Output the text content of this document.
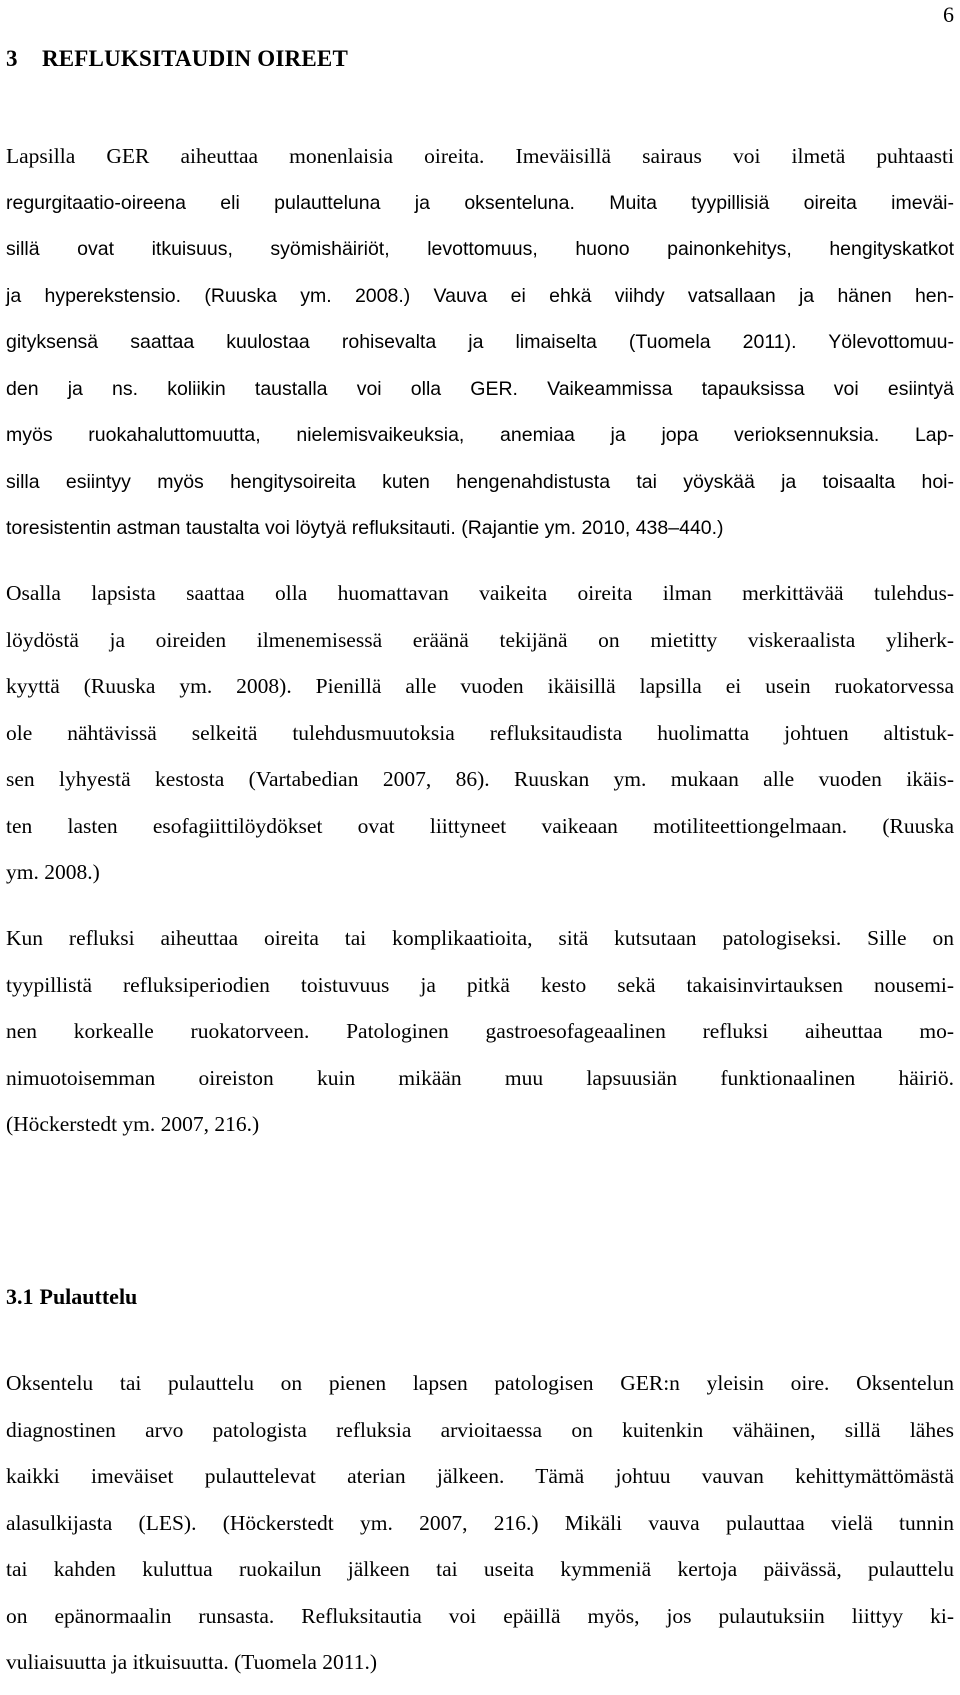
6
3 REFLUKSITAUDIN OIREET

Lapsilla GER aiheuttaa monenlaisia oireita. Imeväisillä sairaus voi ilmetä puhtaasti
regurgitaatio-oireena eli pulautteluna ja oksenteluna. Muita tyypillisiä oireita imeväi-
sillä ovat itkuisuus, syömishäiriöt, levottomuus, huono painonkehitys, hengityskatkot
ja hyperekstensio. (Ruuska ym. 2008.) Vauva ei ehkä viihdy vatsallaan ja hänen hen-
gityksensä saattaa kuulostaa rohisevalta ja limaiselta (Tuomela 2011). Yölevottomuu-
den ja ns. koliikin taustalla voi olla GER. Vaikeammissa tapauksissa voi esiintyä
myös ruokahaluttomuutta, nielemisvaikeuksia, anemiaa ja jopa verioksennuksia. Lap-
silla esiintyy myös hengitysoireita kuten hengenahdistusta tai yöyskää ja toisaalta hoi-
toresistentin astman taustalta voi löytyä refluksitauti. (Rajantie ym. 2010, 438–440.)

Osalla lapsista saattaa olla huomattavan vaikeita oireita ilman merkittävää tulehdus-
löydöstä ja oireiden ilmenemisessä eräänä tekijänä on mietitty viskeraalista yliherk-
kyyttä (Ruuska ym. 2008). Pienillä alle vuoden ikäisillä lapsilla ei usein ruokatorvessa
ole nähtävissä selkeitä tulehdusmuutoksia refluksitaudista huolimatta johtuen altistuk-
sen lyhyestä kestosta (Vartabedian 2007, 86). Ruuskan ym. mukaan alle vuoden ikäis-
ten lasten esofagiittilöydökset ovat liittyneet vaikeaan motiliteettiongelmaan. (Ruuska
ym. 2008.)

Kun refluksi aiheuttaa oireita tai komplikaatioita, sitä kutsutaan patologiseksi. Sille on
tyypillistä refluksiperiodien toistuvuus ja pitkä kesto sekä takaisinvirtauksen nousemi-
nen korkealle ruokatorveen. Patologinen gastroesofageaalinen refluksi aiheuttaa mo-
nimuotoisemman oireiston kuin mikään muu lapsuusiän funktionaalinen häiriö.
(Höckerstedt ym. 2007, 216.)

3.1 Pulauttelu

Oksentelu tai pulauttelu on pienen lapsen patologisen GER:n yleisin oire. Oksentelun
diagnostinen arvo patologista refluksia arvioitaessa on kuitenkin vähäinen, sillä lähes
kaikki imeväiset pulauttelevat aterian jälkeen. Tämä johtuu vauvan kehittymättömästä
alasulkijasta (LES). (Höckerstedt ym. 2007, 216.) Mikäli vauva pulauttaa vielä tunnin
tai kahden kuluttua ruokailun jälkeen tai useita kymmeniä kertoja päivässä, pulauttelu
on epänormaalin runsasta. Refluksitautia voi epäillä myös, jos pulautuksiin liittyy ki-
vuliaisuutta ja itkuisuutta. (Tuomela 2011.)
